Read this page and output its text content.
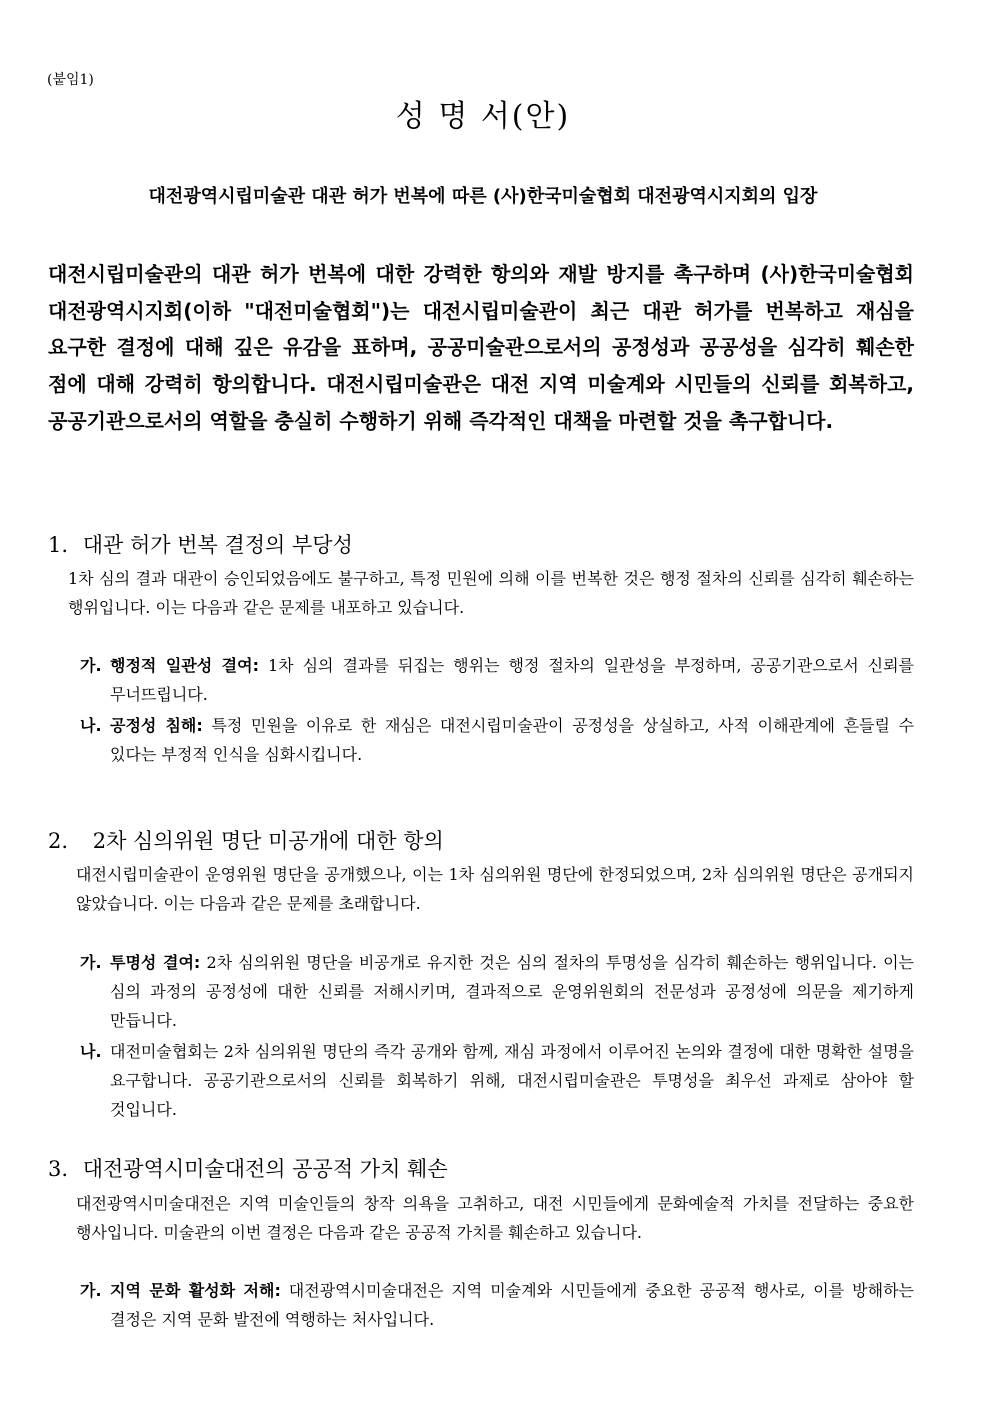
(붙임1)
성 명 서(안)
대전광역시립미술관 대관 허가 번복에 따른 (사)한국미술협회 대전광역시지회의 입장
대전시립미술관의 대관 허가 번복에 대한 강력한 항의와 재발 방지를 촉구하며 (사)한국미술협회 대전광역시지회(이하 "대전미술협회")는 대전시립미술관이 최근 대관 허가를 번복하고 재심을 요구한 결정에 대해 깊은 유감을 표하며, 공공미술관으로서의 공정성과 공공성을 심각히 훼손한 점에 대해 강력히 항의합니다. 대전시립미술관은 대전 지역 미술계와 시민들의 신뢰를 회복하고, 공공기관으로서의 역할을 충실히 수행하기 위해 즉각적인 대책을 마련할 것을 촉구합니다.
1. 대관 허가 번복 결정의 부당성
1차 심의 결과 대관이 승인되었음에도 불구하고, 특정 민원에 의해 이를 번복한 것은 행정 절차의 신뢰를 심각히 훼손하는 행위입니다. 이는 다음과 같은 문제를 내포하고 있습니다.
가. 행정적 일관성 결여: 1차 심의 결과를 뒤집는 행위는 행정 절차의 일관성을 부정하며, 공공기관으로서 신뢰를 무너뜨립니다.
나. 공정성 침해: 특정 민원을 이유로 한 재심은 대전시립미술관이 공정성을 상실하고, 사적 이해관계에 흔들릴 수 있다는 부정적 인식을 심화시킵니다.
2. 2차 심의위원 명단 미공개에 대한 항의
대전시립미술관이 운영위원 명단을 공개했으나, 이는 1차 심의위원 명단에 한정되었으며, 2차 심의위원 명단은 공개되지 않았습니다. 이는 다음과 같은 문제를 초래합니다.
가. 투명성 결여: 2차 심의위원 명단을 비공개로 유지한 것은 심의 절차의 투명성을 심각히 훼손하는 행위입니다. 이는 심의 과정의 공정성에 대한 신뢰를 저해시키며, 결과적으로 운영위원회의 전문성과 공정성에 의문을 제기하게 만듭니다.
나. 대전미술협회는 2차 심의위원 명단의 즉각 공개와 함께, 재심 과정에서 이루어진 논의와 결정에 대한 명확한 설명을 요구합니다. 공공기관으로서의 신뢰를 회복하기 위해, 대전시립미술관은 투명성을 최우선 과제로 삼아야 할 것입니다.
3. 대전광역시미술대전의 공공적 가치 훼손
대전광역시미술대전은 지역 미술인들의 창작 의욕을 고취하고, 대전 시민들에게 문화예술적 가치를 전달하는 중요한 행사입니다. 미술관의 이번 결정은 다음과 같은 공공적 가치를 훼손하고 있습니다.
가. 지역 문화 활성화 저해: 대전광역시미술대전은 지역 미술계와 시민들에게 중요한 공공적 행사로, 이를 방해하는 결정은 지역 문화 발전에 역행하는 처사입니다.
